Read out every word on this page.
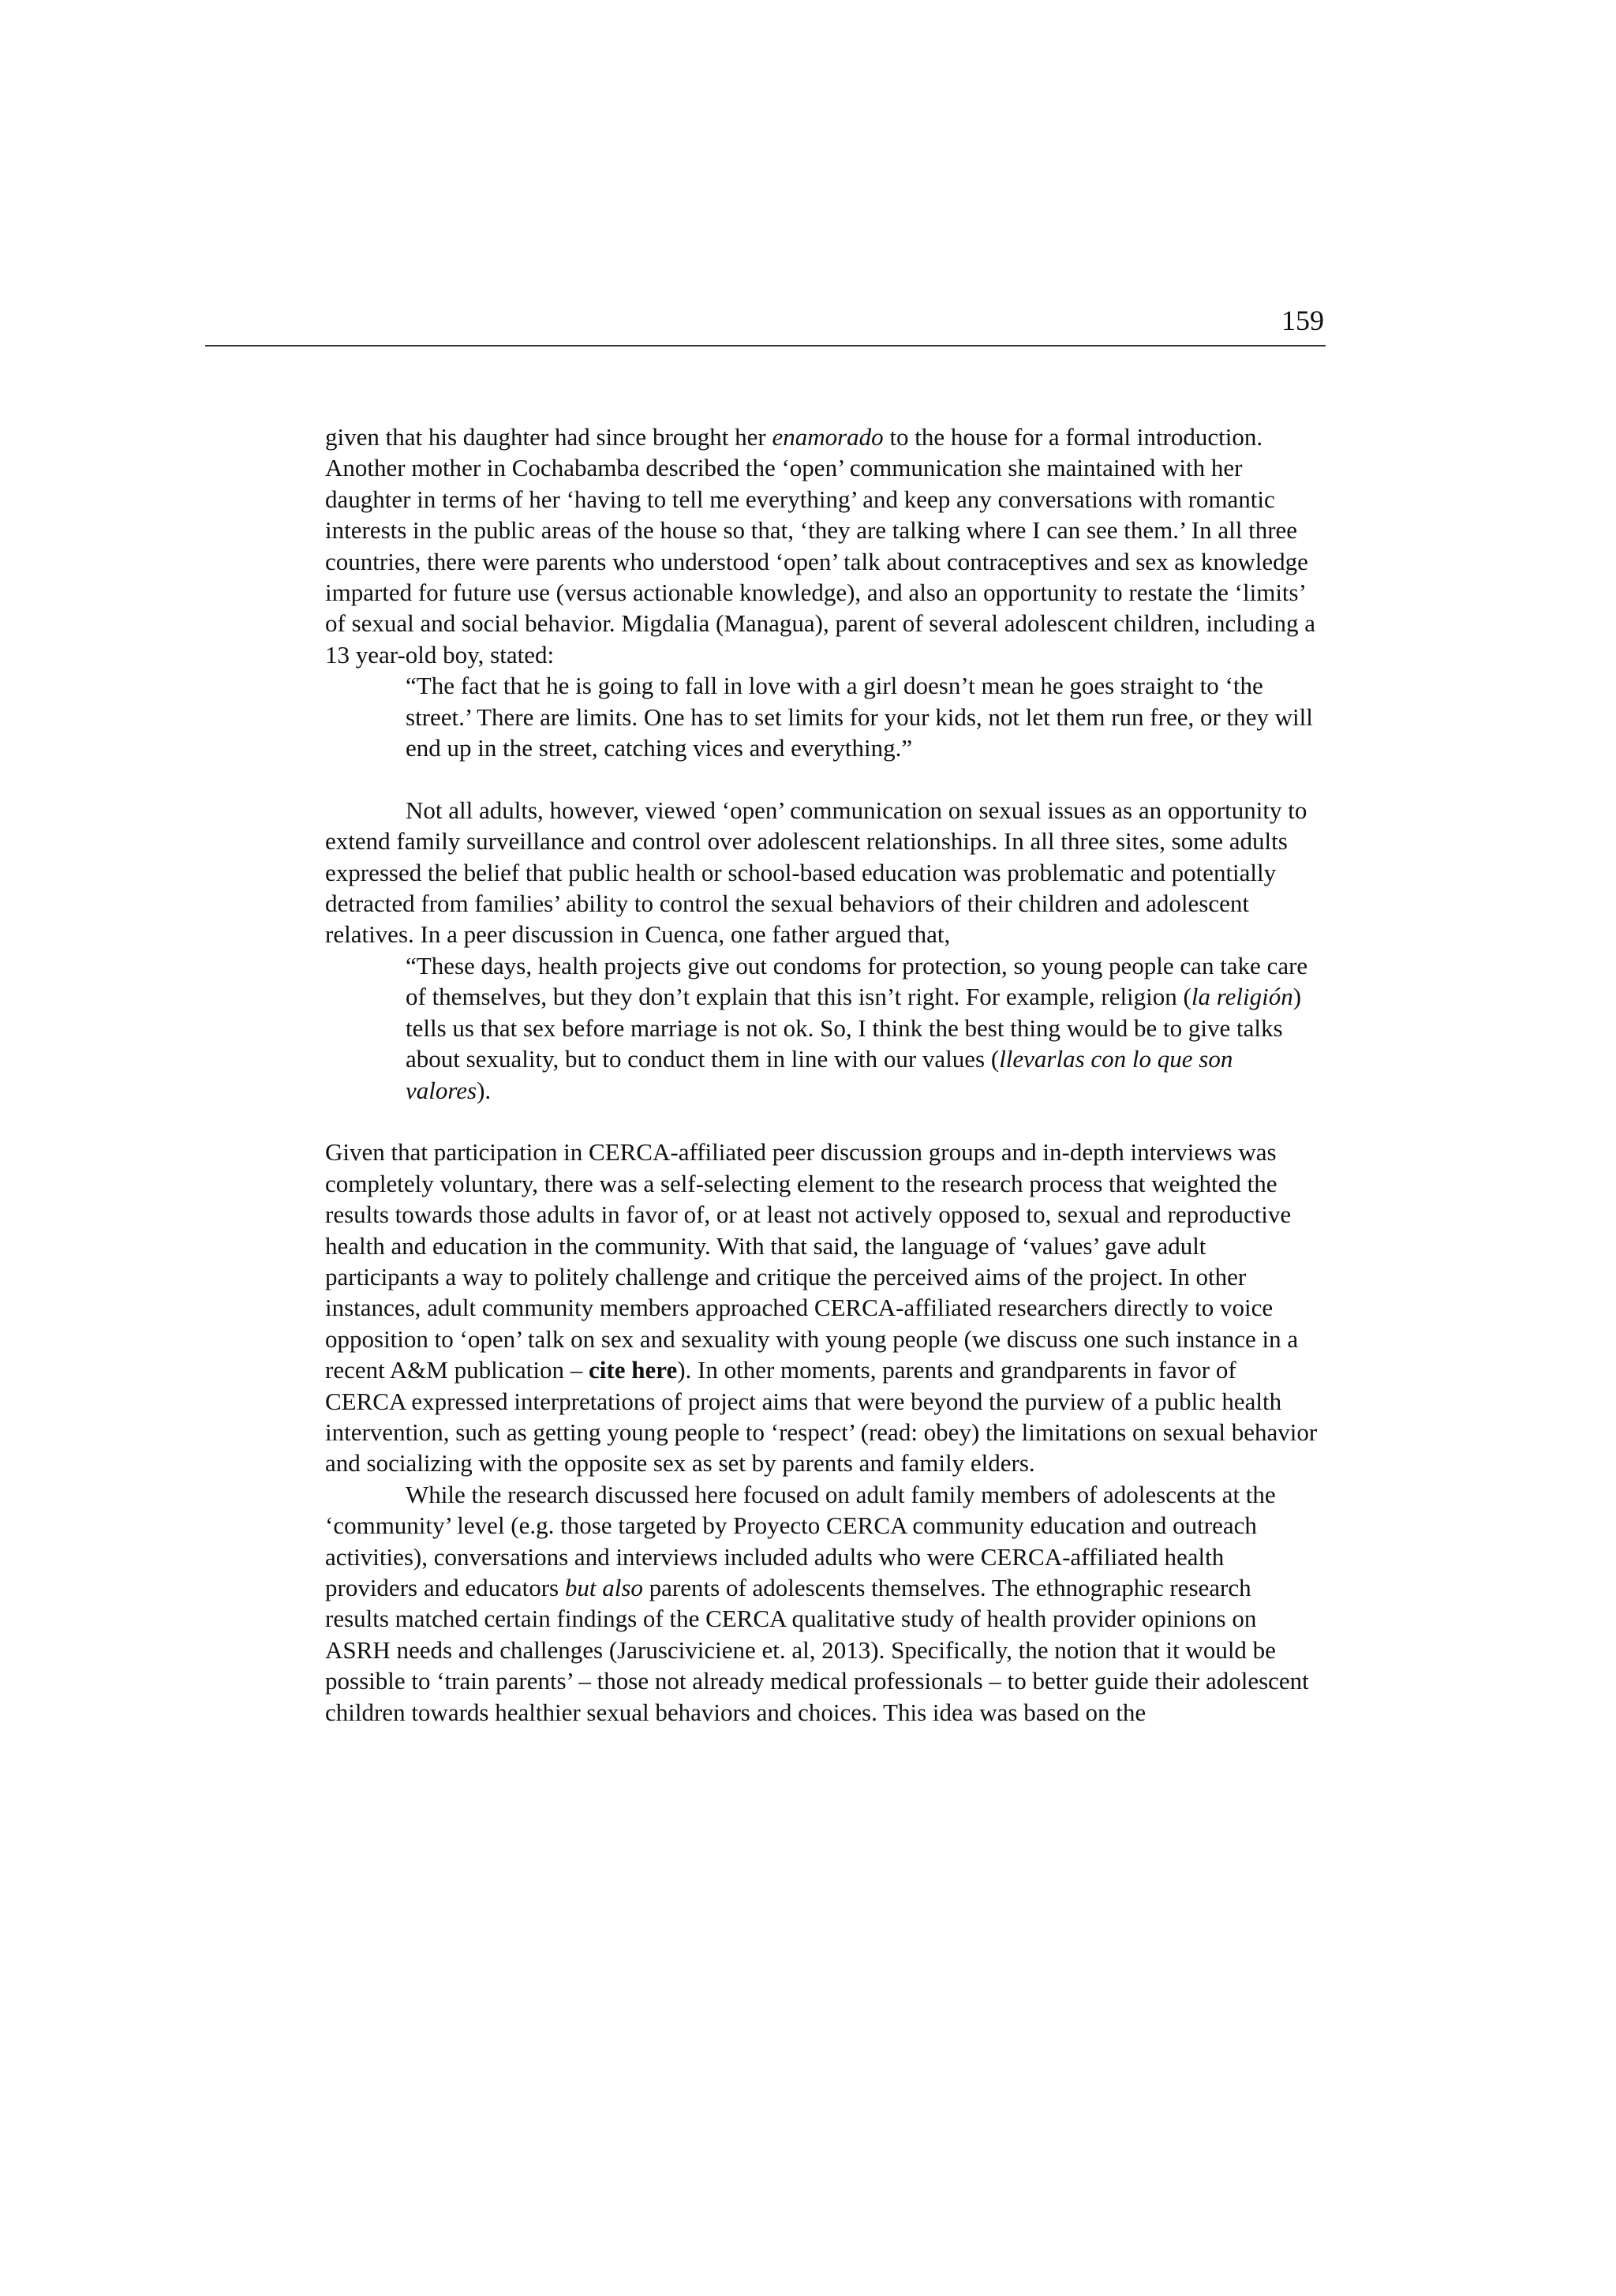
159

given that his daughter had since brought her enamorado to the house for a formal introduction. Another mother in Cochabamba described the ‘open’ communication she maintained with her daughter in terms of her ‘having to tell me everything’ and keep any conversations with romantic interests in the public areas of the house so that, ‘they are talking where I can see them.’ In all three countries, there were parents who understood ‘open’ talk about contraceptives and sex as knowledge imparted for future use (versus actionable knowledge), and also an opportunity to restate the ‘limits’ of sexual and social behavior. Migdalia (Managua), parent of several adolescent children, including a 13 year-old boy, stated:

“The fact that he is going to fall in love with a girl doesn’t mean he goes straight to ‘the street.’ There are limits. One has to set limits for your kids, not let them run free, or they will end up in the street, catching vices and everything.”

Not all adults, however, viewed ‘open’ communication on sexual issues as an opportunity to extend family surveillance and control over adolescent relationships. In all three sites, some adults expressed the belief that public health or school-based education was problematic and potentially detracted from families’ ability to control the sexual behaviors of their children and adolescent relatives. In a peer discussion in Cuenca, one father argued that,

“These days, health projects give out condoms for protection, so young people can take care of themselves, but they don’t explain that this isn’t right. For example, religion (la religión) tells us that sex before marriage is not ok. So, I think the best thing would be to give talks about sexuality, but to conduct them in line with our values (llevarlas con lo que son valores).

Given that participation in CERCA-affiliated peer discussion groups and in-depth interviews was completely voluntary, there was a self-selecting element to the research process that weighted the results towards those adults in favor of, or at least not actively opposed to, sexual and reproductive health and education in the community. With that said, the language of ‘values’ gave adult participants a way to politely challenge and critique the perceived aims of the project. In other instances, adult community members approached CERCA-affiliated researchers directly to voice opposition to ‘open’ talk on sex and sexuality with young people (we discuss one such instance in a recent A&M publication – cite here). In other moments, parents and grandparents in favor of CERCA expressed interpretations of project aims that were beyond the purview of a public health intervention, such as getting young people to ‘respect’ (read: obey) the limitations on sexual behavior and socializing with the opposite sex as set by parents and family elders.

While the research discussed here focused on adult family members of adolescents at the ‘community’ level (e.g. those targeted by Proyecto CERCA community education and outreach activities), conversations and interviews included adults who were CERCA-affiliated health providers and educators but also parents of adolescents themselves. The ethnographic research results matched certain findings of the CERCA qualitative study of health provider opinions on ASRH needs and challenges (Jarusciviciene et. al, 2013). Specifically, the notion that it would be possible to ‘train parents’ – those not already medical professionals – to better guide their adolescent children towards healthier sexual behaviors and choices. This idea was based on the
